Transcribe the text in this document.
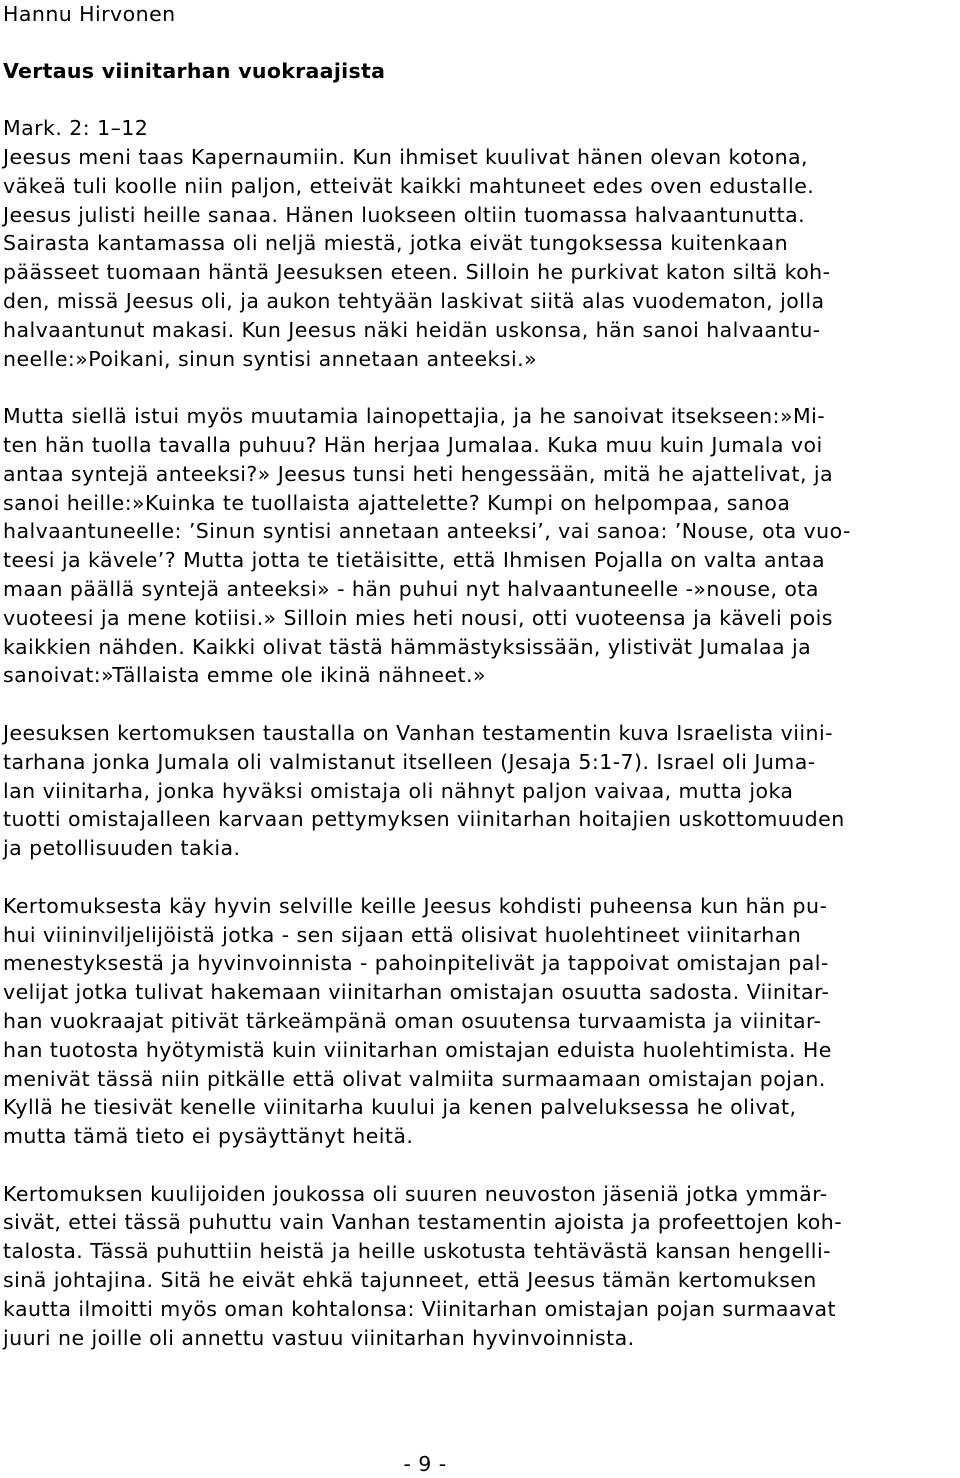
Hannu Hirvonen
Vertaus viinitarhan vuokraajista
Mark. 2: 1–12
Jeesus meni taas Kapernaumiin. Kun ihmiset kuulivat hänen olevan kotona,
väkeä tuli koolle niin paljon, etteivät kaikki mahtuneet edes oven edustalle.
Jeesus julisti heille sanaa. Hänen luokseen oltiin tuomassa halvaantunutta.
Sairasta kantamassa oli neljä miestä, jotka eivät tungoksessa kuitenkaan
päässeet tuomaan häntä Jeesuksen eteen. Silloin he purkivat katon siltä koh-
den, missä Jeesus oli, ja aukon tehtyään laskivat siitä alas vuodematon, jolla
halvaantunut makasi. Kun Jeesus näki heidän uskonsa, hän sanoi halvaantu-
neelle:»Poikani, sinun syntisi annetaan anteeksi.»
Mutta siellä istui myös muutamia lainopettajia, ja he sanoivat itsekseen:»Mi-
ten hän tuolla tavalla puhuu? Hän herjaa Jumalaa. Kuka muu kuin Jumala voi
antaa syntejä anteeksi?» Jeesus tunsi heti hengessään, mitä he ajattelivat, ja
sanoi heille:»Kuinka te tuollaista ajattelette? Kumpi on helpompaa, sanoa
halvaantuneelle: ’Sinun syntisi annetaan anteeksi’, vai sanoa: ’Nouse, ota vuo-
teesi ja kävele’? Mutta jotta te tietäisitte, että Ihmisen Pojalla on valta antaa
maan päällä syntejä anteeksi» - hän puhui nyt halvaantuneelle -»nouse, ota
vuoteesi ja mene kotiisi.» Silloin mies heti nousi, otti vuoteensa ja käveli pois
kaikkien nähden. Kaikki olivat tästä hämmästyksissään, ylistivät Jumalaa ja
sanoivat:»Tällaista emme ole ikinä nähneet.»
Jeesuksen kertomuksen taustalla on Vanhan testamentin kuva Israelista viini-
tarhana jonka Jumala oli valmistanut itselleen (Jesaja 5:1-7). Israel oli Juma-
lan viinitarha, jonka hyväksi omistaja oli nähnyt paljon vaivaa, mutta joka
tuotti omistajalleen karvaan pettymyksen viinitarhan hoitajien uskottomuuden
ja petollisuuden takia.
Kertomuksesta käy hyvin selville keille Jeesus kohdisti puheensa kun hän pu-
hui viininviljelijöistä jotka - sen sijaan että olisivat huolehtineet viinitarhan
menestyksestä ja hyvinvoinnista - pahoinpitelivät ja tappoivat omistajan pal-
velijat jotka tulivat hakemaan viinitarhan omistajan osuutta sadosta. Viinitar-
han vuokraajat pitivät tärkeämpänä oman osuutensa turvaamista ja viinitar-
han tuotosta hyötymistä kuin viinitarhan omistajan eduista huolehtimista. He
menivät tässä niin pitkälle että olivat valmiita surmaamaan omistajan pojan.
Kyllä he tiesivät kenelle viinitarha kuului ja kenen palveluksessa he olivat,
mutta tämä tieto ei pysäyttänyt heitä.
Kertomuksen kuulijoiden joukossa oli suuren neuvoston jäseniä jotka ymmär-
sivät, ettei tässä puhuttu vain Vanhan testamentin ajoista ja profeettojen koh-
talosta. Tässä puhuttiin heistä ja heille uskotusta tehtävästä kansan hengelli-
sinä johtajina. Sitä he eivät ehkä tajunneet, että Jeesus tämän kertomuksen
kautta ilmoitti myös oman kohtalonsa: Viinitarhan omistajan pojan surmaavat
juuri ne joille oli annettu vastuu viinitarhan hyvinvoinnista.
- 9 -
